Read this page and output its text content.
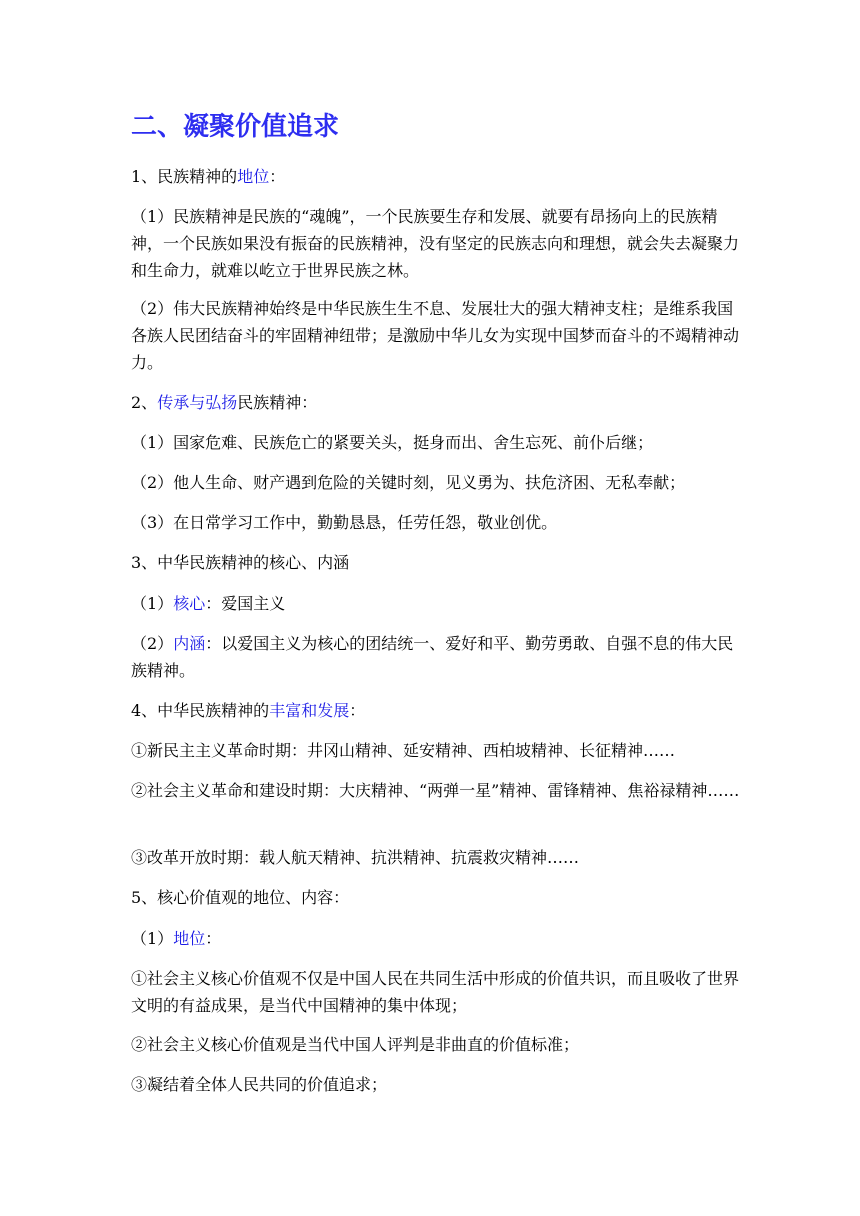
二、凝聚价值追求
1、民族精神的地位：
（1）民族精神是民族的“魂魄”，一个民族要生存和发展、就要有昂扬向上的民族精神，一个民族如果没有振奋的民族精神，没有坚定的民族志向和理想，就会失去凝聚力和生命力，就难以屹立于世界民族之林。
（2）伟大民族精神始终是中华民族生生不息、发展壮大的强大精神支柱；是维系我国各族人民团结奋斗的牢固精神纽带；是激励中华儿女为实现中国梦而奋斗的不竭精神动力。
2、传承与弘扬民族精神：
（1）国家危难、民族危亡的紧要关头，挺身而出、舍生忘死、前仆后继；
（2）他人生命、财产遇到危险的关键时刻，见义勇为、扶危济困、无私奉献；
（3）在日常学习工作中，勤勤恳恳，任劳任怨，敬业创优。
3、中华民族精神的核心、内涵
（1）核心：爱国主义
（2）内涵：以爱国主义为核心的团结统一、爱好和平、勤劳勇敢、自强不息的伟大民族精神。
4、中华民族精神的丰富和发展：
①新民主主义革命时期：井冈山精神、延安精神、西柏坡精神、长征精神……
②社会主义革命和建设时期：大庆精神、“两弹一星”精神、雷锋精神、焦裕禄精神……
③改革开放时期：载人航天精神、抗洪精神、抗震救灾精神……
5、核心价值观的地位、内容：
（1）地位：
①社会主义核心价值观不仅是中国人民在共同生活中形成的价值共识，而且吸收了世界文明的有益成果，是当代中国精神的集中体现；
②社会主义核心价值观是当代中国人评判是非曲直的价值标准；
③凝结着全体人民共同的价值追求；
